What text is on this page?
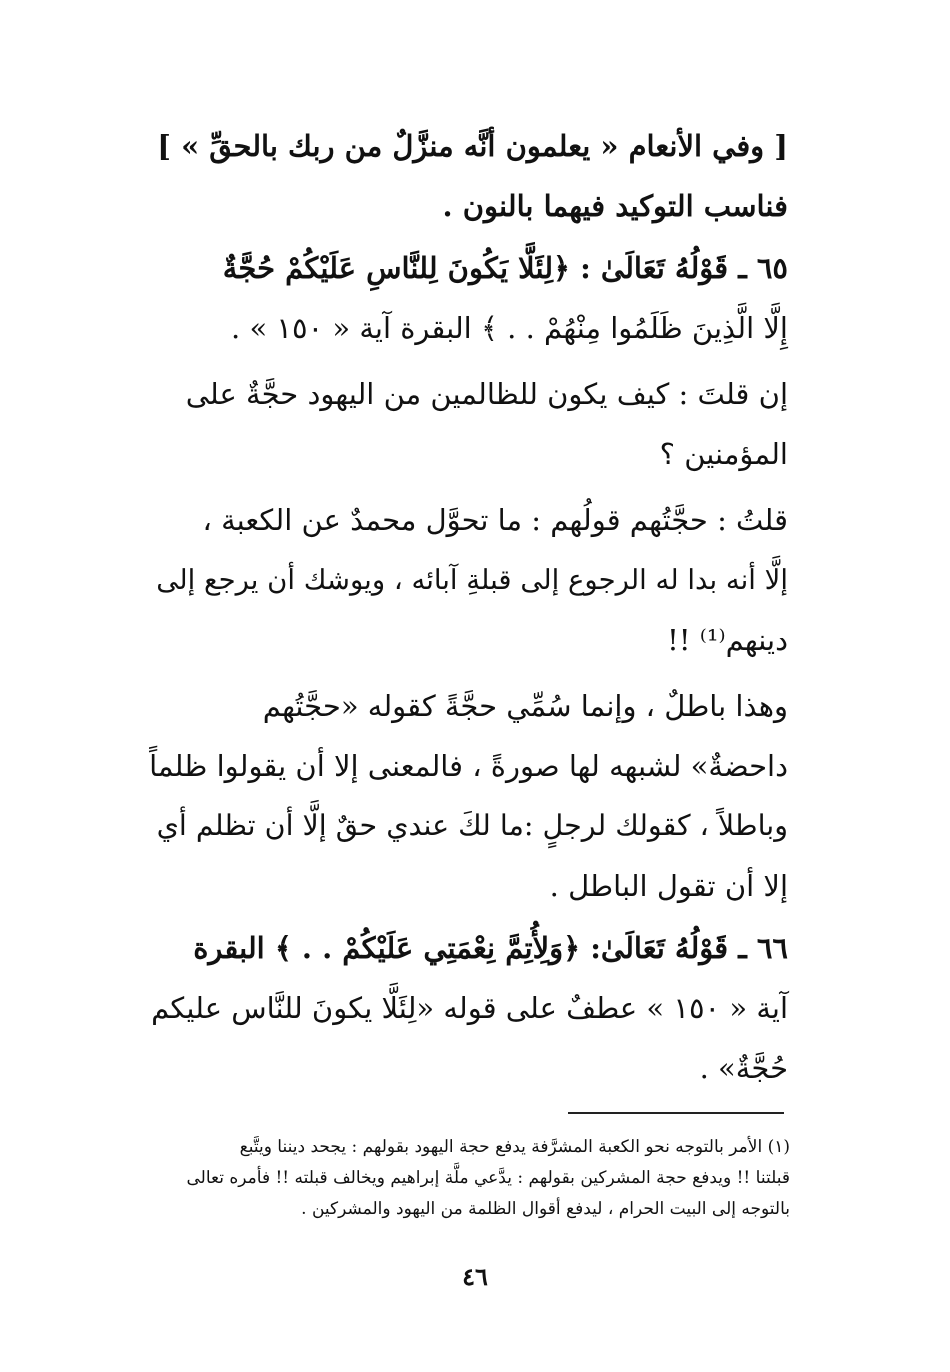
[ وفي الأنعام « يعلمون أنَّه منزَّلٌ من ربك بالحقِّ » ]
فناسب التوكيد فيهما بالنون .
٦٥ ـ قَوْلُهُ تَعَالَىٰ : ﴿لِئَلَّا يَكُونَ لِلنَّاسِ عَلَيْكُمْ حُجَّةٌ
إِلَّا الَّذِينَ ظَلَمُوا مِنْهُمْ . . ﴾ البقرة آية « ١٥٠ » .
إن قلتَ : كيف يكون للظالمين من اليهود حجَّةٌ على
المؤمنين ؟
قلتُ : حجَّتُهم قولُهم : ما تحوَّل محمدٌ عن الكعبة ،
إلَّا أنه بدا له الرجوع إلى قبلةِ آبائه ، ويوشك أن يرجع إلى
دينهم⁽¹⁾ !!
وهذا باطلٌ ، وإنما سُمِّي حجَّةً كقوله «حجَّتُهم
داحضةٌ» لشبهه لها صورةً ، فالمعنى إلا أن يقولوا ظلماً
وباطلاً ، كقولك لرجلٍ :ما لكَ عندي حقٌ إلَّا أن تظلم أي
إلا أن تقول الباطل .
٦٦ ـ قَوْلُهُ تَعَالَىٰ: ﴿وَلِأُتِمَّ نِعْمَتِي عَلَيْكُمْ . . ﴾ البقرة
آية « ١٥٠ » عطفٌ على قوله «لِئَلَّا يكونَ للنَّاس عليكم
حُجَّةٌ» .
(١) الأمر بالتوجه نحو الكعبة المشرَّفة يدفع حجة اليهود بقولهم : يجحد ديننا ويتَّبع
قبلتنا !! ويدفع حجة المشركين بقولهم : يدَّعي ملَّة إبراهيم ويخالف قبلته !! فأمره تعالى
بالتوجه إلى البيت الحرام ، ليدفع أقوال الظلمة من اليهود والمشركين .
٤٦
